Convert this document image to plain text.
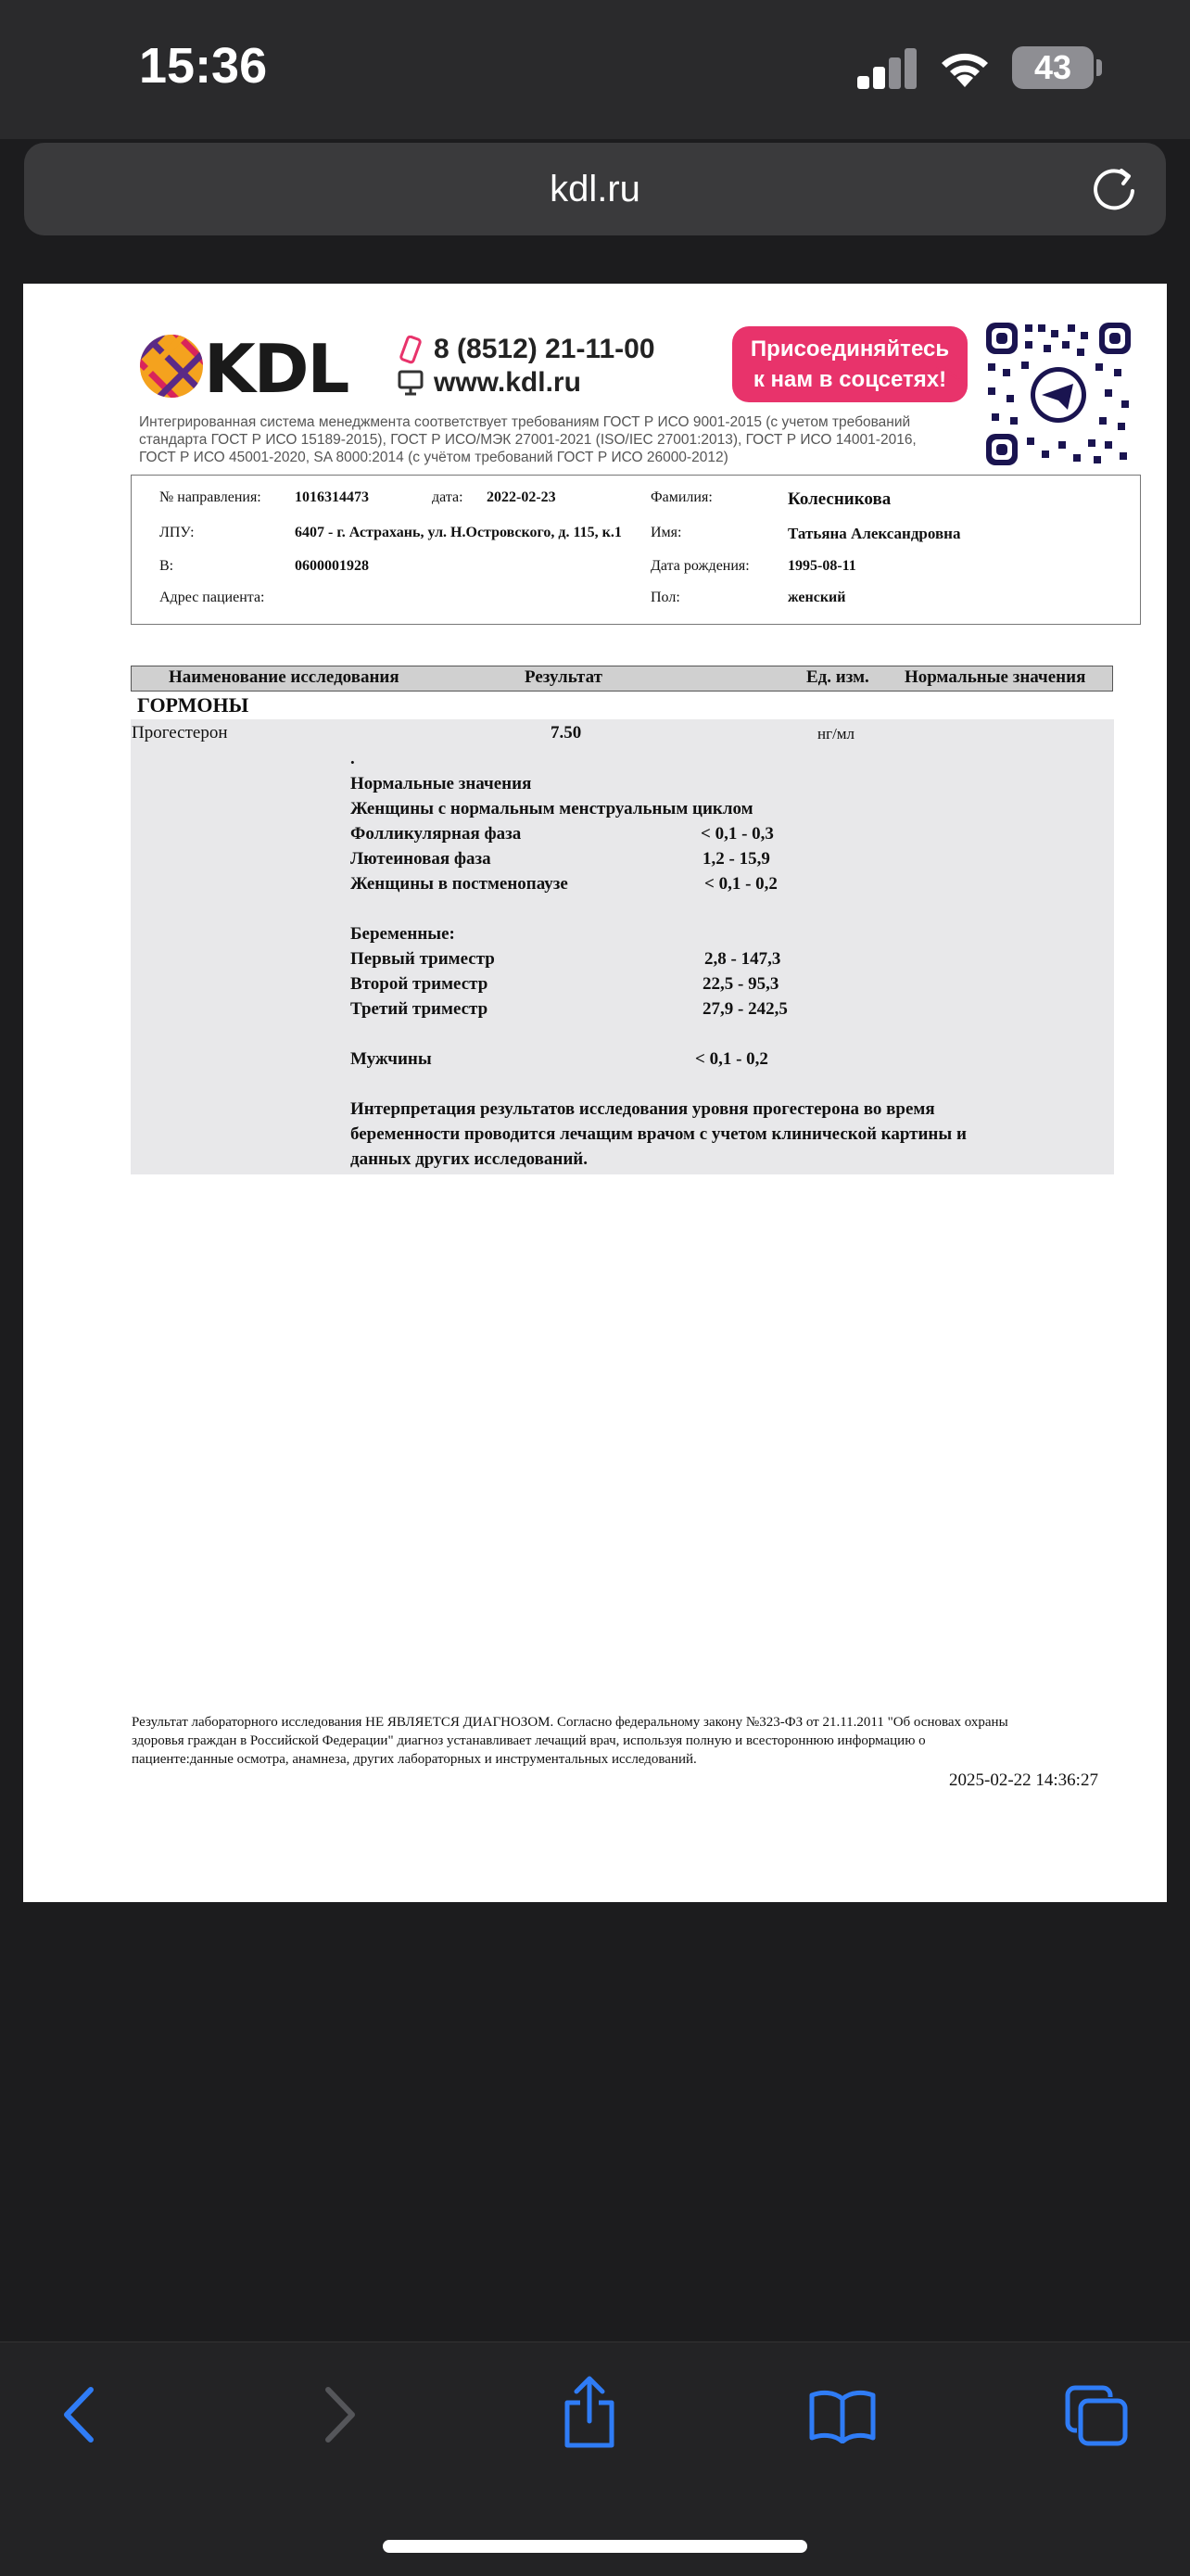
15:36	43
kdl.ru
KDL	8 (8512) 21-11-00
www.kdl.ru
Присоединяйтесь
к нам в соцсетях!
Интегрированная система менеджмента соответствует требованиям ГОСТ Р ИСО 9001-2015 (с учетом требований
стандарта ГОСТ Р ИСО 15189-2015), ГОСТ Р ИСО/МЭК 27001-2021 (ISO/IEC 27001:2013), ГОСТ Р ИСО 14001-2016,
ГОСТ Р ИСО 45001-2020, SA 8000:2014 (с учётом требований ГОСТ Р ИСО 26000-2012)
№ направления: 1016314473	дата: 2022-02-23	Фамилия:	Колесникова
ЛПУ:	6407 - г. Астрахань, ул. Н.Островского, д. 115, к.1 Имя:	Татьяна Александровна
В:	0600001928	Дата рождения:	1995-08-11
Адрес пациента:	Пол:	женский
Наименование исследования	Результат	Ед. изм. Нормальные значения
ГОРМОНЫ
Прогестерон	7.50	нг/мл
.
Нормальные значения
Женщины с нормальным менструальным циклом
Фолликулярная фаза	< 0,1 - 0,3
Лютеиновая фаза	1,2 - 15,9
Женщины в постменопаузе	< 0,1 - 0,2
Беременные:
Первый триместр	2,8 - 147,3
Второй триместр	22,5 - 95,3
Третий триместр	27,9 - 242,5
Мужчины	< 0,1 - 0,2
Интерпретация результатов исследования уровня прогестерона во время
беременности проводится лечащим врачом с учетом клинической картины и
данных других исследований.
Результат лабораторного исследования НЕ ЯВЛЯЕТСЯ ДИАГНОЗОМ. Согласно федеральному закону №323-ФЗ от 21.11.2011 "Об основах охраны
здоровья граждан в Российской Федерации" диагноз устанавливает лечащий врач, используя полную и всестороннюю информацию о
пациенте:данные осмотра, анамнеза, других лабораторных и инструментальных исследований.
2025-02-22 14:36:27
